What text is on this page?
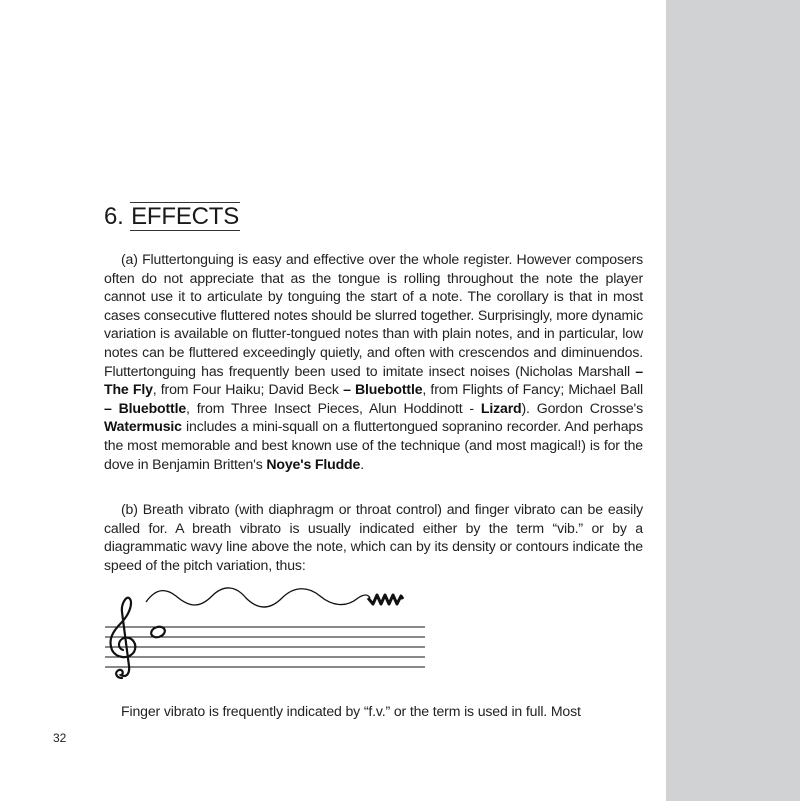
6. EFFECTS

(a) Fluttertonguing is easy and effective over the whole register. However composers often do not appreciate that as the tongue is rolling throughout the note the player cannot use it to articulate by tonguing the start of a note. The corollary is that in most cases consecutive fluttered notes should be slurred together. Surprisingly, more dynamic variation is available on flutter-tongued notes than with plain notes, and in particular, low notes can be fluttered exceedingly quietly, and often with crescendos and diminuendos. Fluttertonguing has frequently been used to imitate insect noises (Nicholas Marshall – The Fly, from Four Haiku; David Beck – Bluebottle, from Flights of Fancy; Michael Ball – Bluebottle, from Three Insect Pieces, Alun Hoddinott - Lizard). Gordon Crosse's Watermusic includes a mini-squall on a fluttertongued sopranino recorder. And perhaps the most memorable and best known use of the technique (and most magical!) is for the dove in Benjamin Britten's Noye's Fludde.

(b) Breath vibrato (with diaphragm or throat control) and finger vibrato can be easily called for. A breath vibrato is usually indicated either by the term “vib.” or by a diagrammatic wavy line above the note, which can by its density or contours indicate the speed of the pitch variation, thus:

Finger vibrato is frequently indicated by “f.v.” or the term is used in full. Most

32
